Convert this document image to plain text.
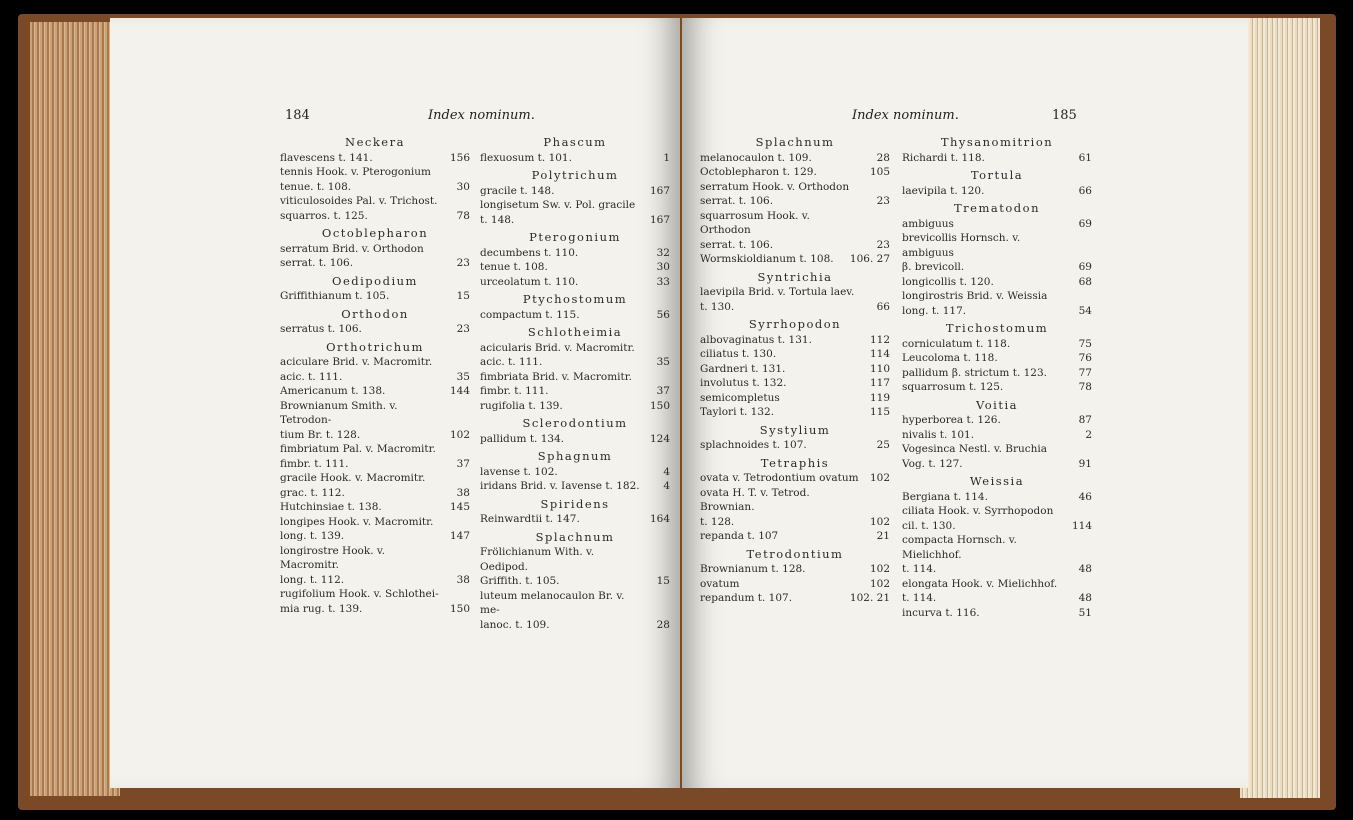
184	Index nominum.
Neckera
flavescens t. 141.	156
tennis Hook. v. Pterogonium
tenue. t. 108.	30
viticulosoides Pal. v. Trichost.
squarros. t. 125.	78
Octoblepharon
serratum Brid. v. Orthodon
serrat. t. 106.	23
Oedipodium
Griffithianum t. 105.	15
Orthodon
serratus t. 106.	23
Orthotrichum
aciculare Brid. v. Macromitr.
acic. t. 111.	35
Americanum t. 138.	144
Brownianum Smith. v. Tetrodon-
tium Br. t. 128.	102
fimbriatum Pal. v. Macromitr.
fimbr. t. 111.	37
gracile Hook. v. Macromitr.
grac. t. 112.	38
Hutchinsiae t. 138.	145
longipes Hook. v. Macromitr.
long. t. 139.	147
longirostre Hook. v. Macromitr.
long. t. 112.	38
rugifolium Hook. v. Schlothei-
mia rug. t. 139.	150
Phascum
flexuosum t. 101.	1
Polytrichum
gracile t. 148.	167
longisetum Sw. v. Pol. gracile
t. 148.	167
Pterogonium
decumbens t. 110.	32
tenue t. 108.	30
urceolatum t. 110.	33
Ptychostomum
compactum t. 115.	56
Schlotheimia
acicularis Brid. v. Macromitr.
acic. t. 111.	35
fimbriata Brid. v. Macromitr.
fimbr. t. 111.	37
rugifolia t. 139.	150
Sclerodontium
pallidum t. 134.	124
Sphagnum
lavense t. 102.	4
iridans Brid. v. Iavense t. 182.	4
Spiridens
Reinwardtii t. 147.	164
Splachnum
Frölichianum With. v. Oedipod.
Griffith. t. 105.	15
luteum melanocaulon Br. v. me-
lanoc. t. 109.	28
Index nominum.	185
Splachnum
melanocaulon t. 109.	28
Octoblepharon t. 129.	105
serratum Hook. v. Orthodon
serrat. t. 106.	23
squarrosum Hook. v. Orthodon
serrat. t. 106.	23
Wormskioldianum t. 108.	106. 27
Syntrichia
laevipila Brid. v. Tortula laev.
t. 130.	66
Syrrhopodon
albovaginatus t. 131.	112
ciliatus t. 130.	114
Gardneri t. 131.	110
involutus t. 132.	117
semicompletus	119
Taylori t. 132.	115
Systylium
splachnoides t. 107.	25
Tetraphis
ovata v. Tetrodontium ovatum	102
ovata H. T. v. Tetrod. Brownian.
t. 128.	102
repanda t. 107	21
Tetrodontium
Brownianum t. 128.	102
ovatum	102
repandum t. 107.	102. 21
Thysanomitrion
Richardi t. 118.	61
Tortula
laevipila t. 120.	66
Trematodon
ambiguus	69
brevicollis Hornsch. v. ambiguus
β. brevicoll.	69
longicollis t. 120.	68
longirostris Brid. v. Weissia
long. t. 117.	54
Trichostomum
corniculatum t. 118.	75
Leucoloma t. 118.	76
pallidum β. strictum t. 123.	77
squarrosum t. 125.	78
Voitia
hyperborea t. 126.	87
nivalis t. 101.	2
Vogesinca Nestl. v. Bruchia
Vog. t. 127.	91
Weissia
Bergiana t. 114.	46
ciliata Hook. v. Syrrhopodon
cil. t. 130.	114
compacta Hornsch. v. Mielichhof.
t. 114.	48
elongata Hook. v. Mielichhof.
t. 114.	48
incurva t. 116.	51
